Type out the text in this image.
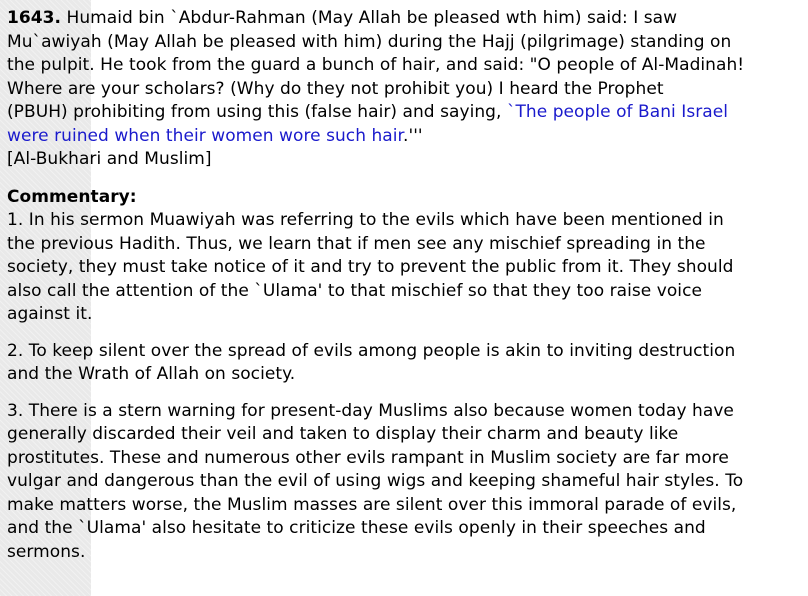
1643. Humaid bin `Abdur-Rahman (May Allah be pleased wth him) said: I saw
Mu`awiyah (May Allah be pleased with him) during the Hajj (pilgrimage) standing on
the pulpit. He took from the guard a bunch of hair, and said: "O people of Al-Madinah!
Where are your scholars? (Why do they not prohibit you) I heard the Prophet
(PBUH) prohibiting from using this (false hair) and saying, `The people of Bani Israel
were ruined when their women wore such hair.'''

[Al-Bukhari and Muslim]

Commentary:

1. In his sermon Muawiyah was referring to the evils which have been mentioned in
the previous Hadith. Thus, we learn that if men see any mischief spreading in the
society, they must take notice of it and try to prevent the public from it. They should
also call the attention of the `Ulama' to that mischief so that they too raise voice
against it.

2. To keep silent over the spread of evils among people is akin to inviting destruction
and the Wrath of Allah on society.

3. There is a stern warning for present-day Muslims also because women today have
generally discarded their veil and taken to display their charm and beauty like
prostitutes. These and numerous other evils rampant in Muslim society are far more
vulgar and dangerous than the evil of using wigs and keeping shameful hair styles. To
make matters worse, the Muslim masses are silent over this immoral parade of evils,
and the `Ulama' also hesitate to criticize these evils openly in their speeches and
sermons.
